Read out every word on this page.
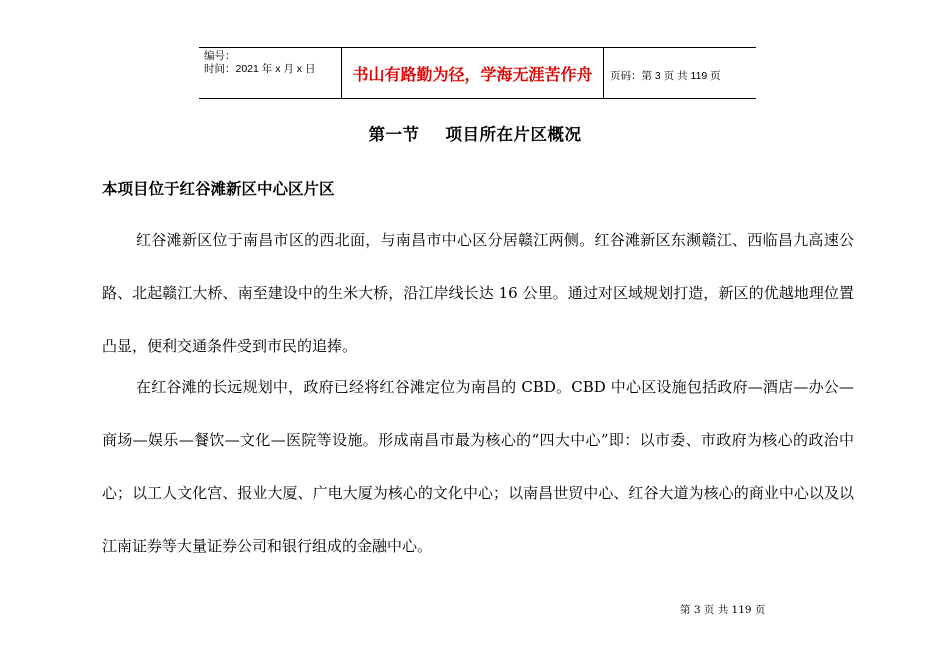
编号：
时间：2021 年 x 月 x 日	书山有路勤为径，学海无涯苦作舟	页码：第 3 页 共 119 页
第一节 项目所在片区概况
本项目位于红谷滩新区中心区片区

红谷滩新区位于南昌市区的西北面，与南昌市中心区分居赣江两侧。红谷滩新区东濒赣江、西临昌九高速公路、北起赣江大桥、南至建设中的生米大桥，沿江岸线长达 16 公里。通过对区域规划打造，新区的优越地理位置凸显，便利交通条件受到市民的追捧。

在红谷滩的长远规划中，政府已经将红谷滩定位为南昌的 CBD。CBD 中心区设施包括政府—酒店—办公—商场—娱乐—餐饮—文化—医院等设施。形成南昌市最为核心的“四大中心”即：以市委、市政府为核心的政治中心；以工人文化宫、报业大厦、广电大厦为核心的文化中心；以南昌世贸中心、红谷大道为核心的商业中心以及以江南证券等大量证券公司和银行组成的金融中心。

第 3 页 共 119 页
